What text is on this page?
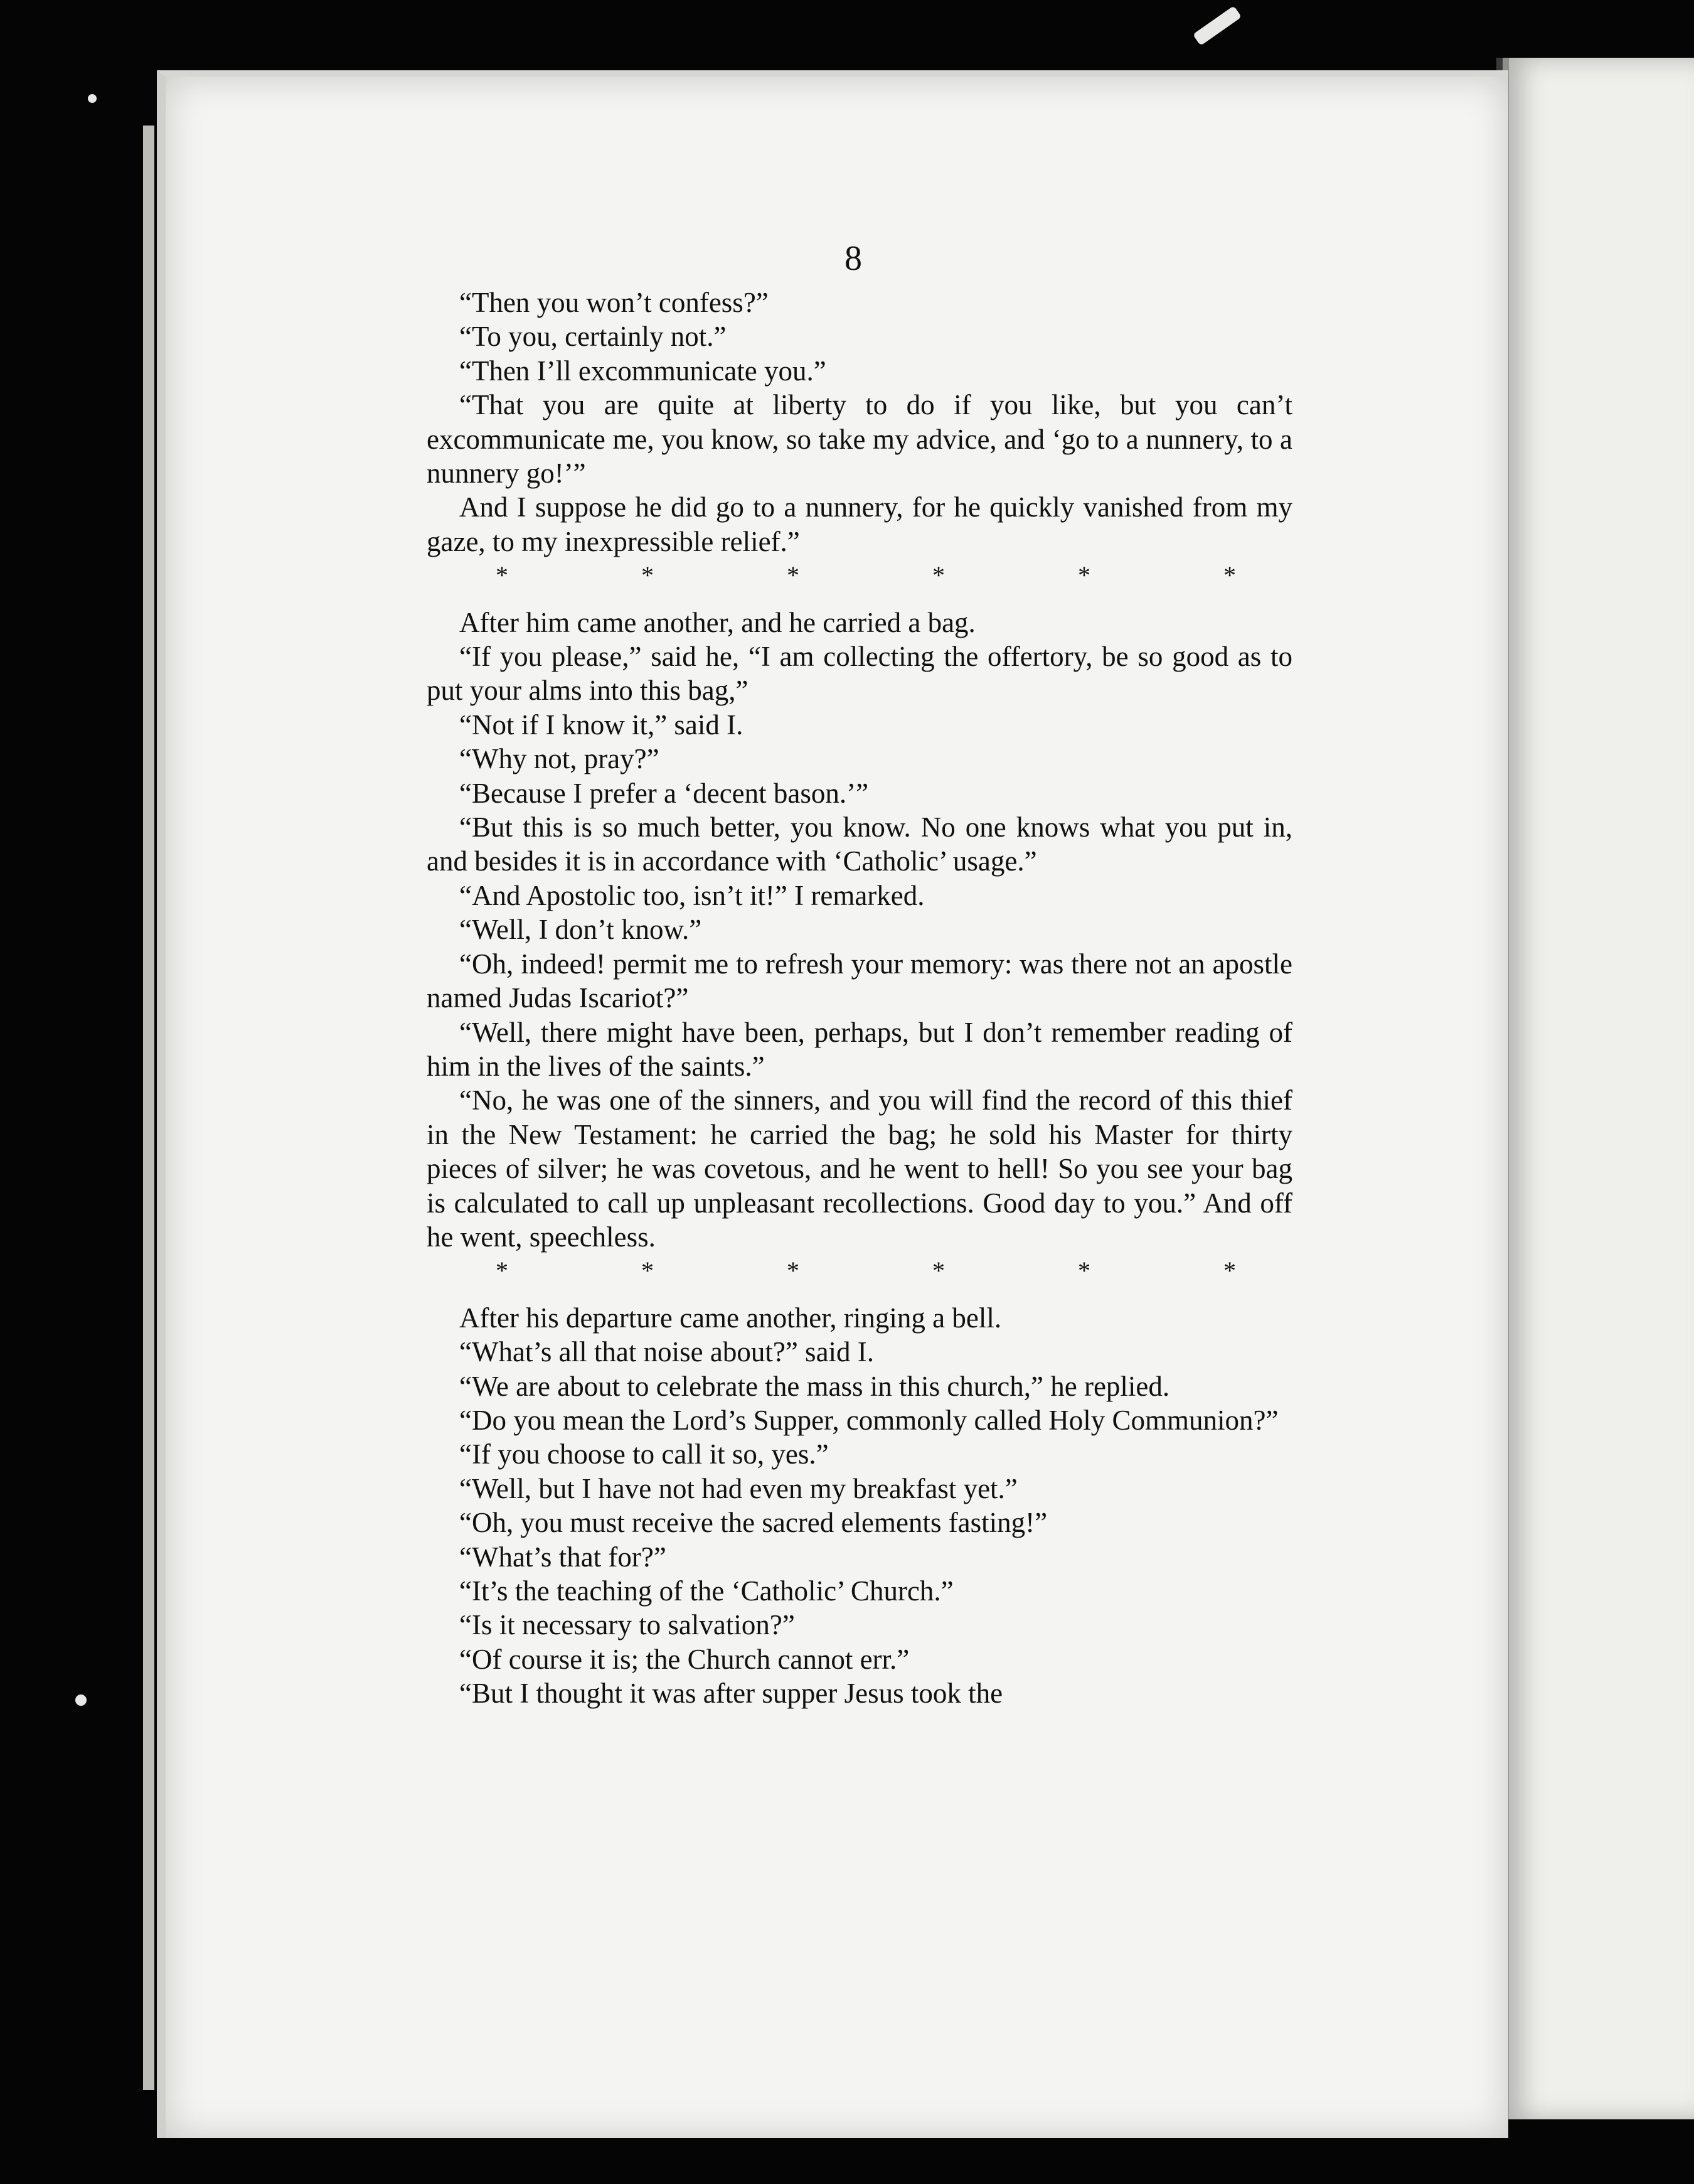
8

“Then you won’t confess?”

“To you, certainly not.”

“Then I’ll excommunicate you.”

“That you are quite at liberty to do if you like, but you can’t excommunicate me, you know, so take my advice, and ‘go to a nunnery, to a nunnery go!’”

And I suppose he did go to a nunnery, for he quickly vanished from my gaze, to my inexpressible relief.”

*	*	*	*	*	*

After him came another, and he carried a bag.

“If you please,” said he, “I am collecting the offertory, be so good as to put your alms into this bag,”

“Not if I know it,” said I.

“Why not, pray?”

“Because I prefer a ‘decent bason.’”

“But this is so much better, you know. No one knows what you put in, and besides it is in accordance with ‘Catholic’ usage.”

“And Apostolic too, isn’t it!” I remarked.

“Well, I don’t know.”

“Oh, indeed! permit me to refresh your memory: was there not an apostle named Judas Iscariot?”

“Well, there might have been, perhaps, but I don’t remember reading of him in the lives of the saints.”

“No, he was one of the sinners, and you will find the record of this thief in the New Testament: he carried the bag; he sold his Master for thirty pieces of silver; he was covetous, and he went to hell! So you see your bag is calculated to call up unpleasant recollections. Good day to you.” And off he went, speechless.

*	*	*	*	*	*

After his departure came another, ringing a bell.

“What’s all that noise about?” said I.

“We are about to celebrate the mass in this church,” he replied.

“Do you mean the Lord’s Supper, commonly called Holy Communion?”

“If you choose to call it so, yes.”

“Well, but I have not had even my breakfast yet.”

“Oh, you must receive the sacred elements fasting!”

“What’s that for?”

“It’s the teaching of the ‘Catholic’ Church.”

“Is it necessary to salvation?”

“Of course it is; the Church cannot err.”

“But I thought it was after supper Jesus took the
